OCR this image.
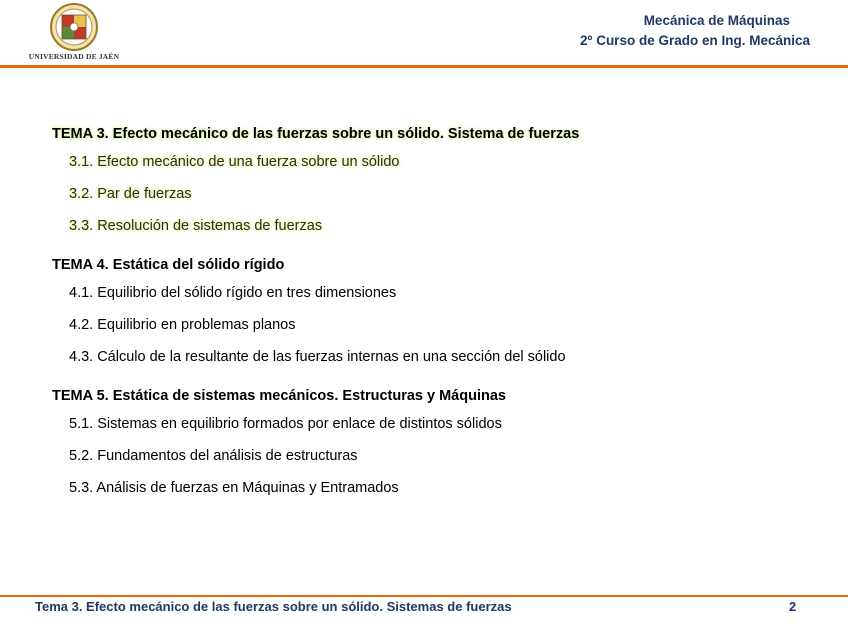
UNIVERSIDAD DE JAÉN
Mecánica de Máquinas
2º Curso de Grado en Ing. Mecánica
TEMA 3. Efecto mecánico de las fuerzas sobre un sólido. Sistema de fuerzas
3.1. Efecto mecánico de una fuerza sobre un sólido
3.2. Par de fuerzas
3.3. Resolución de sistemas de fuerzas
TEMA 4. Estática del sólido rígido
4.1. Equilibrio del sólido rígido en tres dimensiones
4.2. Equilibrio en problemas planos
4.3. Cálculo de la resultante de las fuerzas internas en una sección del sólido
TEMA 5. Estática de sistemas mecánicos. Estructuras y Máquinas
5.1. Sistemas en equilibrio formados por enlace de distintos sólidos
5.2. Fundamentos del análisis de estructuras
5.3. Análisis de fuerzas en Máquinas y Entramados
Tema 3. Efecto mecánico de las fuerzas sobre un sólido. Sistemas de fuerzas	2
